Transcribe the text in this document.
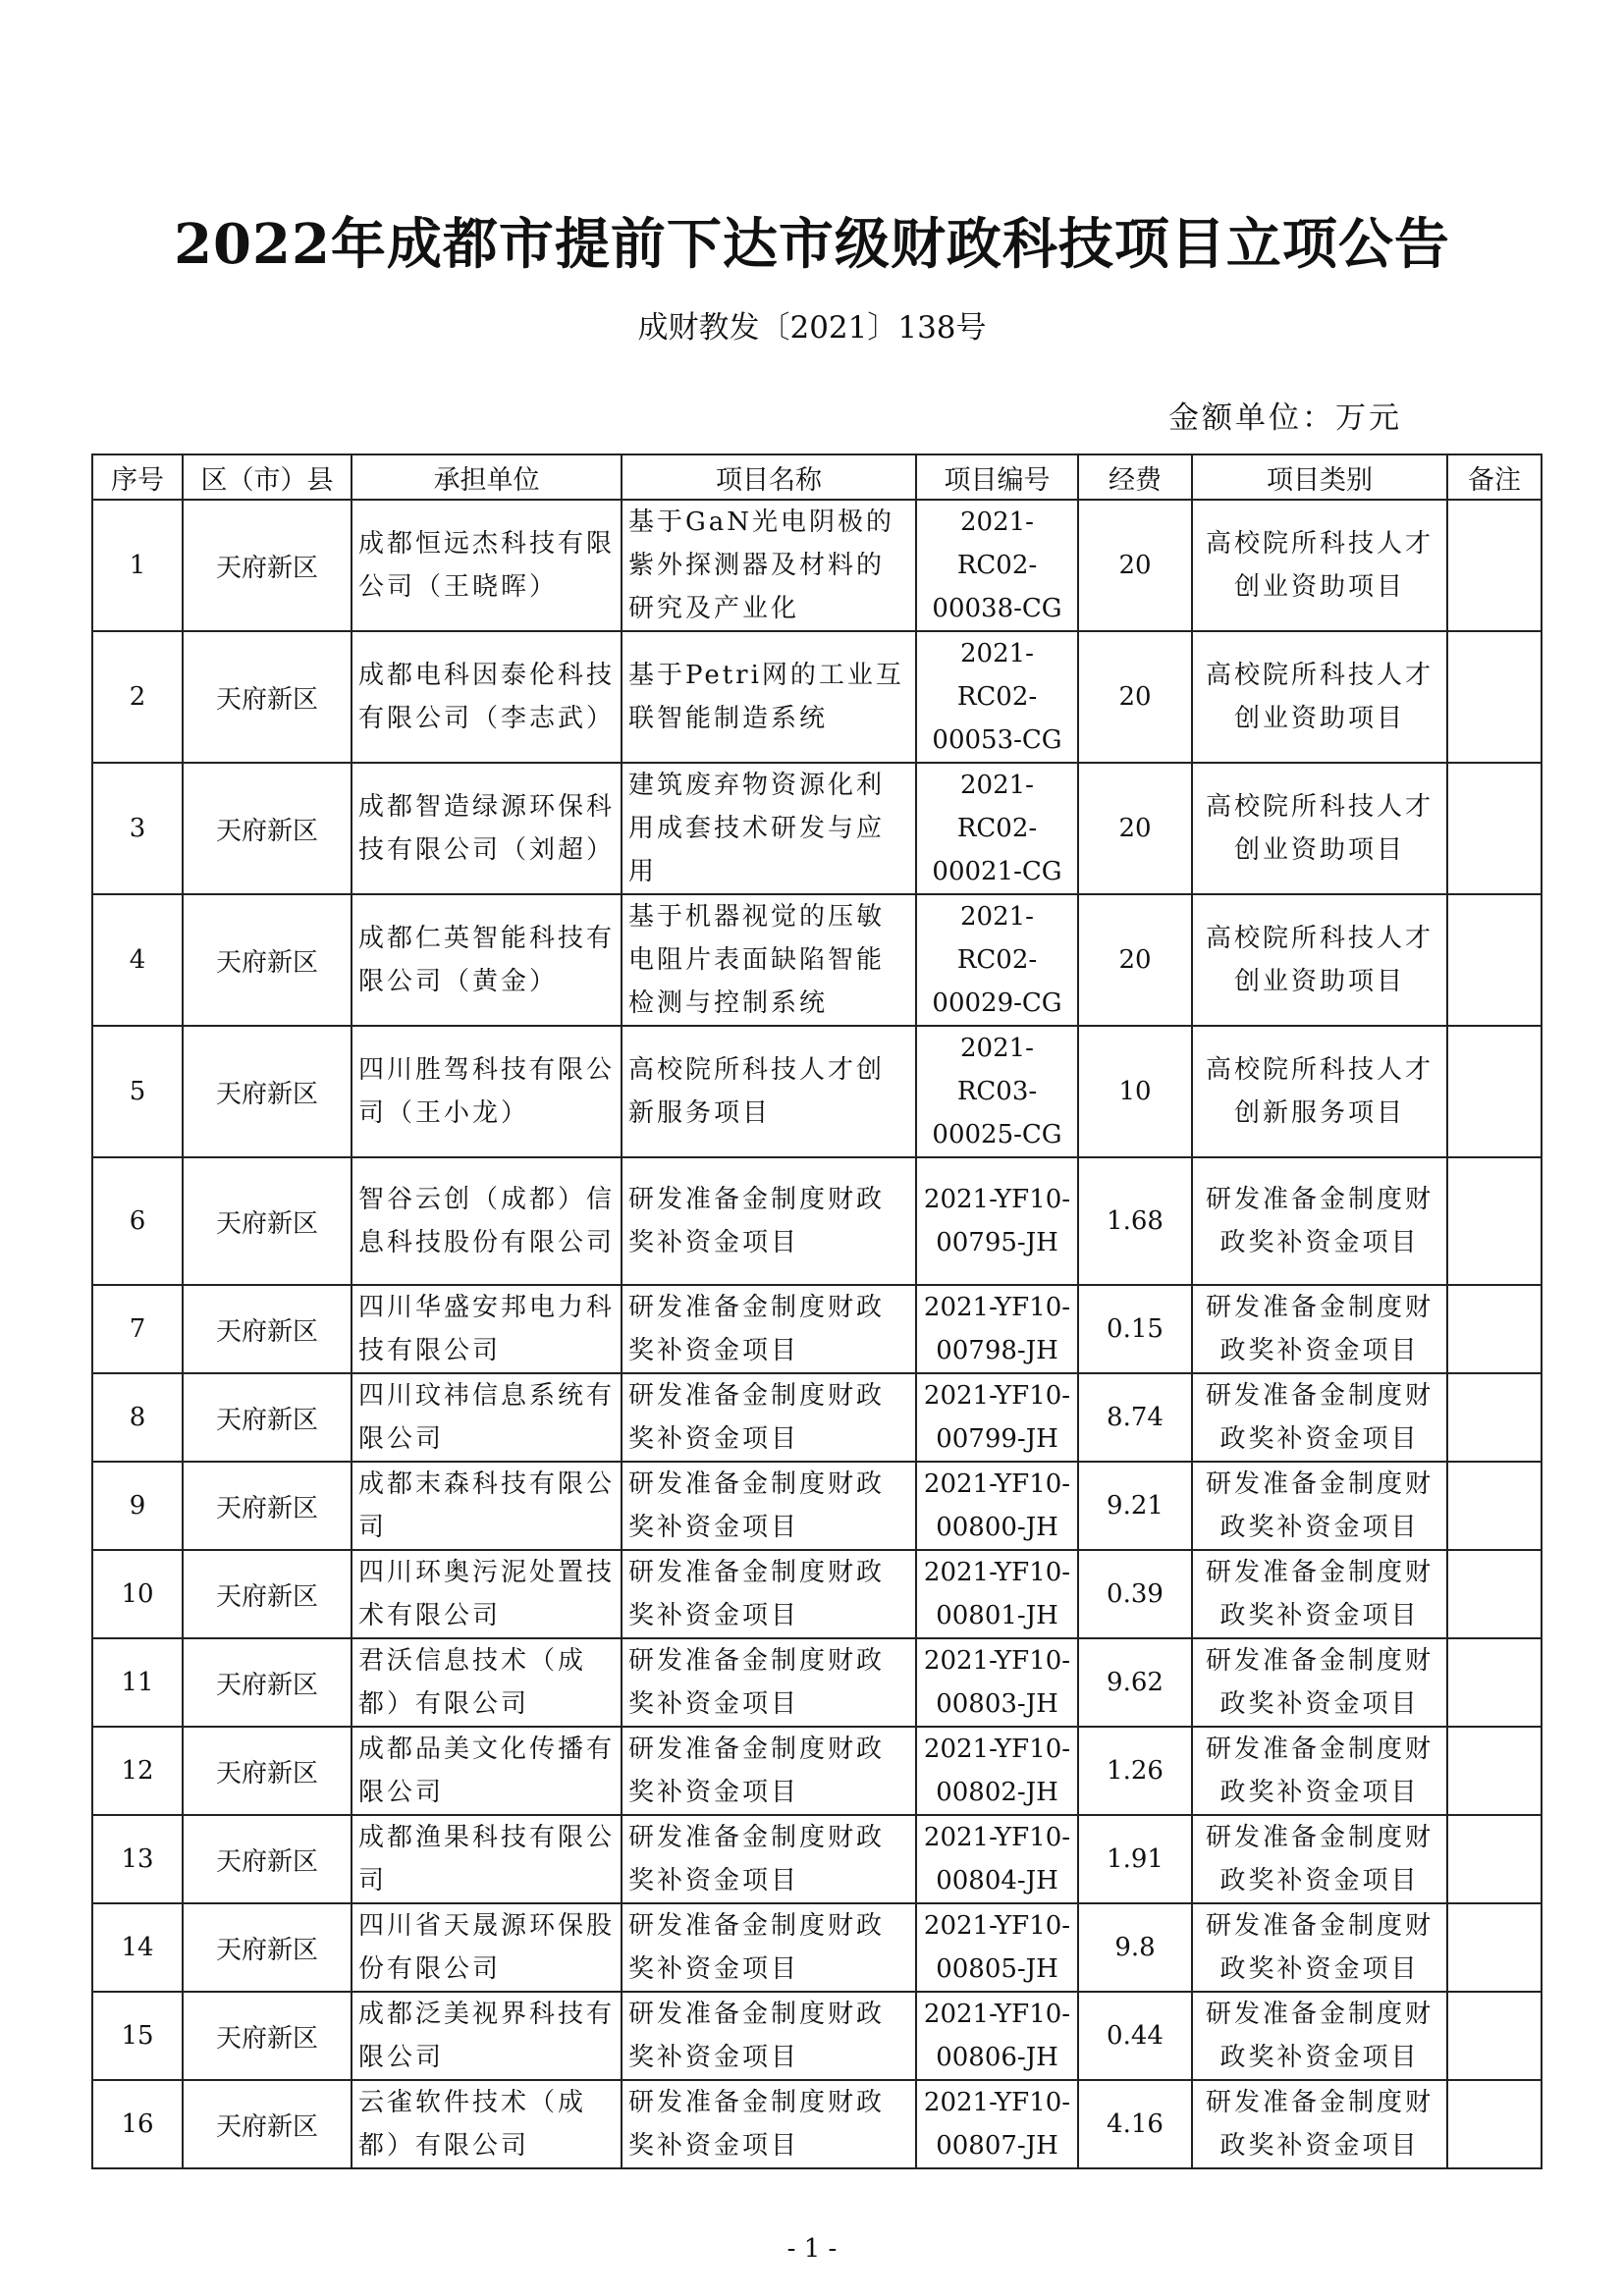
2022年成都市提前下达市级财政科技项目立项公告
成财教发〔2021〕138号
金额单位：万元
序号	区（市）县	承担单位	项目名称	项目编号	经费	项目类别	备注
1	天府新区	成都恒远杰科技有限公司（王晓晖）	基于GaN光电阴极的紫外探测器及材料的研究及产业化	2021-RC02-00038-CG	20	高校院所科技人才创业资助项目	
2	天府新区	成都电科因泰伦科技有限公司（李志武）	基于Petri网的工业互联智能制造系统	2021-RC02-00053-CG	20	高校院所科技人才创业资助项目	
3	天府新区	成都智造绿源环保科技有限公司（刘超）	建筑废弃物资源化利用成套技术研发与应用	2021-RC02-00021-CG	20	高校院所科技人才创业资助项目	
4	天府新区	成都仁英智能科技有限公司（黄金）	基于机器视觉的压敏电阻片表面缺陷智能检测与控制系统	2021-RC02-00029-CG	20	高校院所科技人才创业资助项目	
5	天府新区	四川胜驾科技有限公司（王小龙）	高校院所科技人才创新服务项目	2021-RC03-00025-CG	10	高校院所科技人才创新服务项目	
6	天府新区	智谷云创（成都）信息科技股份有限公司	研发准备金制度财政奖补资金项目	2021-YF10-00795-JH	1.68	研发准备金制度财政奖补资金项目	
7	天府新区	四川华盛安邦电力科技有限公司	研发准备金制度财政奖补资金项目	2021-YF10-00798-JH	0.15	研发准备金制度财政奖补资金项目	
8	天府新区	四川玟祎信息系统有限公司	研发准备金制度财政奖补资金项目	2021-YF10-00799-JH	8.74	研发准备金制度财政奖补资金项目	
9	天府新区	成都末森科技有限公司	研发准备金制度财政奖补资金项目	2021-YF10-00800-JH	9.21	研发准备金制度财政奖补资金项目	
10	天府新区	四川环奥污泥处置技术有限公司	研发准备金制度财政奖补资金项目	2021-YF10-00801-JH	0.39	研发准备金制度财政奖补资金项目	
11	天府新区	君沃信息技术（成都）有限公司	研发准备金制度财政奖补资金项目	2021-YF10-00803-JH	9.62	研发准备金制度财政奖补资金项目	
12	天府新区	成都品美文化传播有限公司	研发准备金制度财政奖补资金项目	2021-YF10-00802-JH	1.26	研发准备金制度财政奖补资金项目	
13	天府新区	成都渔果科技有限公司	研发准备金制度财政奖补资金项目	2021-YF10-00804-JH	1.91	研发准备金制度财政奖补资金项目	
14	天府新区	四川省天晟源环保股份有限公司	研发准备金制度财政奖补资金项目	2021-YF10-00805-JH	9.8	研发准备金制度财政奖补资金项目	
15	天府新区	成都泛美视界科技有限公司	研发准备金制度财政奖补资金项目	2021-YF10-00806-JH	0.44	研发准备金制度财政奖补资金项目	
16	天府新区	云雀软件技术（成都）有限公司	研发准备金制度财政奖补资金项目	2021-YF10-00807-JH	4.16	研发准备金制度财政奖补资金项目	
- 1 -
